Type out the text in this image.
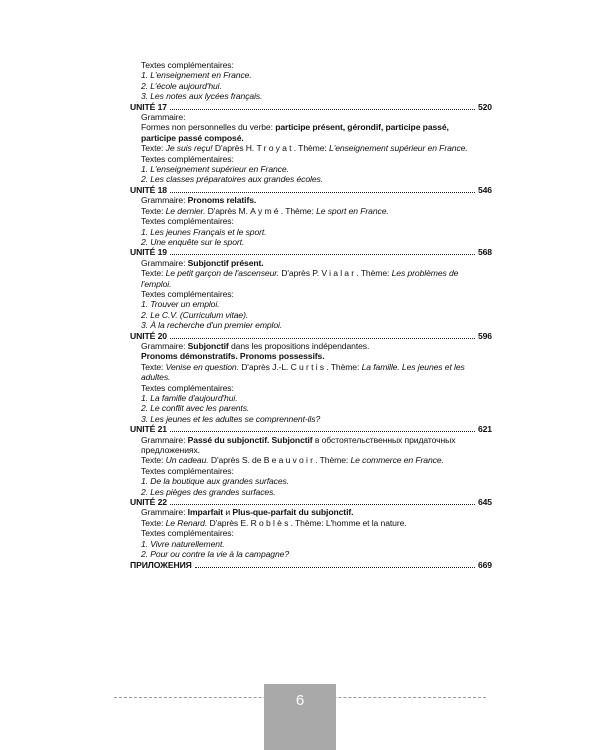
Textes complémentaires:
1. L'enseignement en France.
2. L'école aujourd'hui.
3. Les notes aux lycées français.
UNITÉ 17	520
Grammaire:
Formes non personnelles du verbe: participe présent, gérondif, participe passé,
participe passé composé.
Texte: Je suis reçu! D'après H. Troyat. Thème: L'enseignement supérieur en France.
Textes complémentaires:
1. L'enseignement supérieur en France.
2. Les classes préparatoires aux grandes écoles.
UNITÉ 18	546
Grammaire: Pronoms relatifs.
Texte: Le dernier. D'après M. Aymé. Thème: Le sport en France.
Textes complémentaires:
1. Les jeunes Français et le sport.
2. Une enquête sur le sport.
UNITÉ 19	568
Grammaire: Subjonctif présent.
Texte: Le petit garçon de l'ascenseur. D'après P. Vialar. Thème: Les problèmes de
l'emploi.
Textes complémentaires:
1. Trouver un emploi.
2. Le C.V. (Curriculum vitae).
3. À la recherche d'un premier emploi.
UNITÉ 20	596
Grammaire: Subjonctif dans les propositions indépendantes.
Pronoms démonstratifs. Pronoms possessifs.
Texte: Venise en question. D'après J.-L. Curtis. Thème: La famille. Les jeunes et les
adultes.
Textes complémentaires:
1. La famille d'aujourd'hui.
2. Le conflit avec les parents.
3. Les jeunes et les adultes se comprennent-ils?
UNITÉ 21	621
Grammaire: Passé du subjonctif. Subjonctif в обстоятельственных придаточных
предложениях.
Texte: Un cadeau. D'après S. de Beauvoir. Thème: Le commerce en France.
Textes complémentaires:
1. De la boutique aux grandes surfaces.
2. Les pièges des grandes surfaces.
UNITÉ 22	645
Grammaire: Imparfait и Plus-que-parfait du subjonctif.
Texte: Le Renard. D'après E. Roblès. Thème: L'homme et la nature.
Textes complémentaires:
1. Vivre naturellement.
2. Pour ou contre la vie à la campagne?
ПРИЛОЖЕНИЯ	669
6
